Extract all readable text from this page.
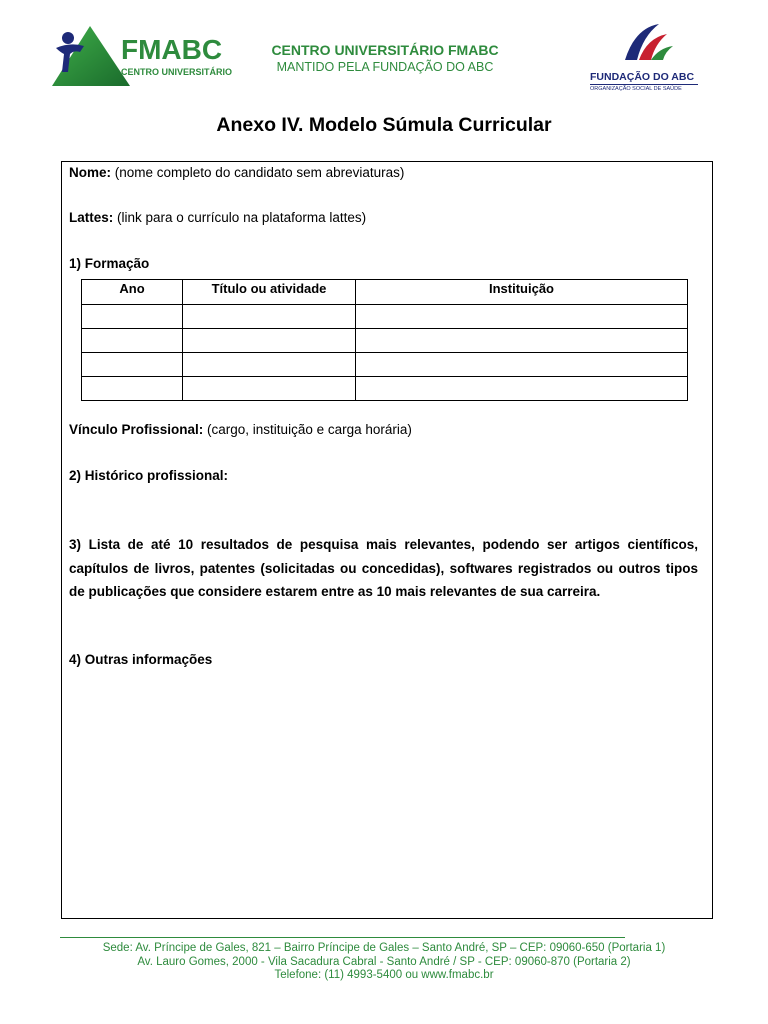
FMABC
CENTRO UNIVERSITÁRIO
CENTRO UNIVERSITÁRIO FMABC
MANTIDO PELA FUNDAÇÃO DO ABC
FUNDAÇÃO DO ABC
ORGANIZAÇÃO SOCIAL DE SAÚDE
Anexo IV. Modelo Súmula Curricular
Nome: (nome completo do candidato sem abreviaturas)
Lattes: (link para o currículo na plataforma lattes)
1) Formação
Ano	Título ou atividade	Instituição

Vínculo Profissional: (cargo, instituição e carga horária)
2) Histórico profissional:
3) Lista de até 10 resultados de pesquisa mais relevantes, podendo ser artigos científicos, capítulos de livros, patentes (solicitadas ou concedidas), softwares registrados ou outros tipos de publicações que considere estarem entre as 10 mais relevantes de sua carreira.
4) Outras informações
Sede: Av. Príncipe de Gales, 821 – Bairro Príncipe de Gales – Santo André, SP – CEP: 09060-650 (Portaria 1)
Av. Lauro Gomes, 2000 - Vila Sacadura Cabral - Santo André / SP - CEP: 09060-870 (Portaria 2)
Telefone: (11) 4993-5400 ou www.fmabc.br
